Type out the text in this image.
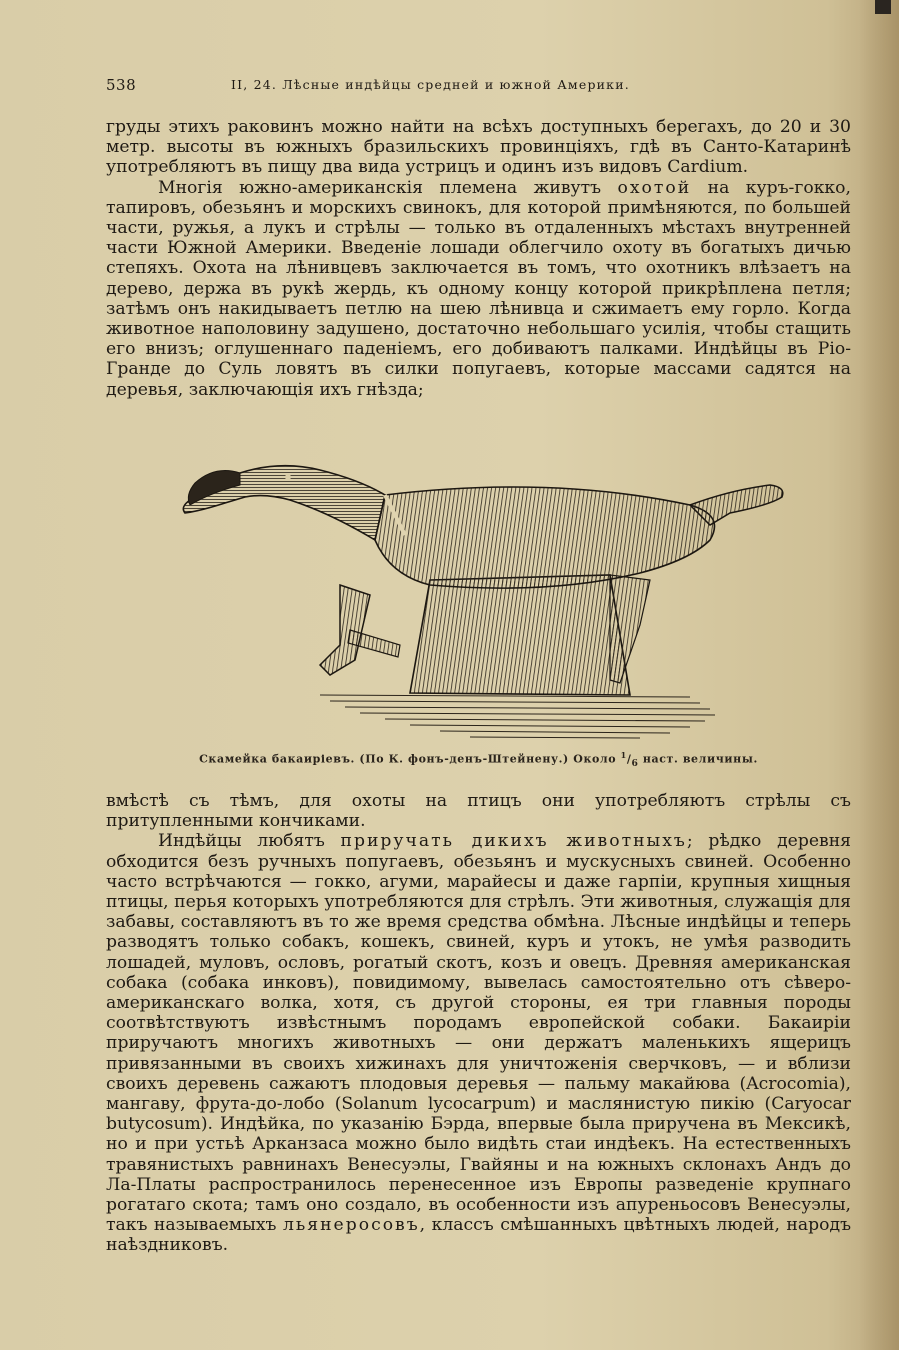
538	II, 24. Лѣсные индѣйцы средней и южной Америки.

груды этихъ раковинъ можно найти на всѣхъ доступныхъ берегахъ, до 20 и 30 метр. высоты въ южныхъ бразильскихъ провинціяхъ, гдѣ въ Санто-Катаринѣ употребляютъ въ пищу два вида устрицъ и одинъ изъ видовъ Cardium.

Многія южно-американскія племена живутъ охотой на куръ-гокко, тапировъ, обезьянъ и морскихъ свинокъ, для которой примѣняются, по большей части, ружья, а лукъ и стрѣлы — только въ отдаленныхъ мѣстахъ внутренней части Южной Америки. Введеніе лошади облегчило охоту въ богатыхъ дичью степяхъ. Охота на лѣнивцевъ заключается въ томъ, что охотникъ влѣзаетъ на дерево, держа въ рукѣ жердь, къ одному концу которой прикрѣплена петля; затѣмъ онъ накидываетъ петлю на шею лѣнивца и сжимаетъ ему горло. Когда животное наполовину задушено, достаточно небольшаго усилія, чтобы стащить его внизъ; оглушеннаго паденіемъ, его добиваютъ палками. Индѣйцы въ Ріо-Гранде до Суль ловятъ въ силки попугаевъ, которые массами садятся на деревья, заключающія ихъ гнѣзда;

Скамейка бакаиріевъ. (По К. фонъ-денъ-Штейнену.) Около $^1/_6$ наст. величины.

вмѣстѣ съ тѣмъ, для охоты на птицъ они употребляютъ стрѣлы съ притупленными кончиками.

Индѣйцы любятъ приручать дикихъ животныхъ; рѣдко деревня обходится безъ ручныхъ попугаевъ, обезьянъ и мускусныхъ свиней. Особенно часто встрѣчаются — гокко, агуми, марайесы и даже гарпіи, крупныя хищныя птицы, перья которыхъ употребляются для стрѣлъ. Эти животныя, служащія для забавы, составляютъ въ то же время средства обмѣна. Лѣсные индѣйцы и теперь разводятъ только собакъ, кошекъ, свиней, куръ и утокъ, не умѣя разводить лошадей, муловъ, ословъ, рогатый скотъ, козъ и овецъ. Древняя американская собака (собака инковъ), повидимому, вывелась самостоятельно отъ сѣверо-американскаго волка, хотя, съ другой стороны, ея три главныя породы соотвѣтствуютъ извѣстнымъ породамъ европейской собаки. Бакаиріи приручаютъ многихъ животныхъ — они держатъ маленькихъ ящерицъ привязанными въ своихъ хижинахъ для уничтоженія сверчковъ, — и вблизи своихъ деревень сажаютъ плодовыя деревья — пальму макайюва (Acrocomia), мангаву, фрута-до-лобо (Solanum lycocarpum) и маслянистую пикію (Caryocar butycosum). Индѣйка, по указанію Бэрда, впервые была приручена въ Мексикѣ, но и при устьѣ Арканзаса можно было видѣть стаи индѣекъ. На естественныхъ травянистыхъ равнинахъ Венесуэлы, Гвайяны и на южныхъ склонахъ Андъ до Ла-Платы распространилось перенесенное изъ Европы разведеніе крупнаго рогатаго скота; тамъ оно создало, въ особенности изъ апуреньосовъ Венесуэлы, такъ называемыхъ льянеросовъ, классъ смѣшанныхъ цвѣтныхъ людей, народъ наѣздниковъ.
